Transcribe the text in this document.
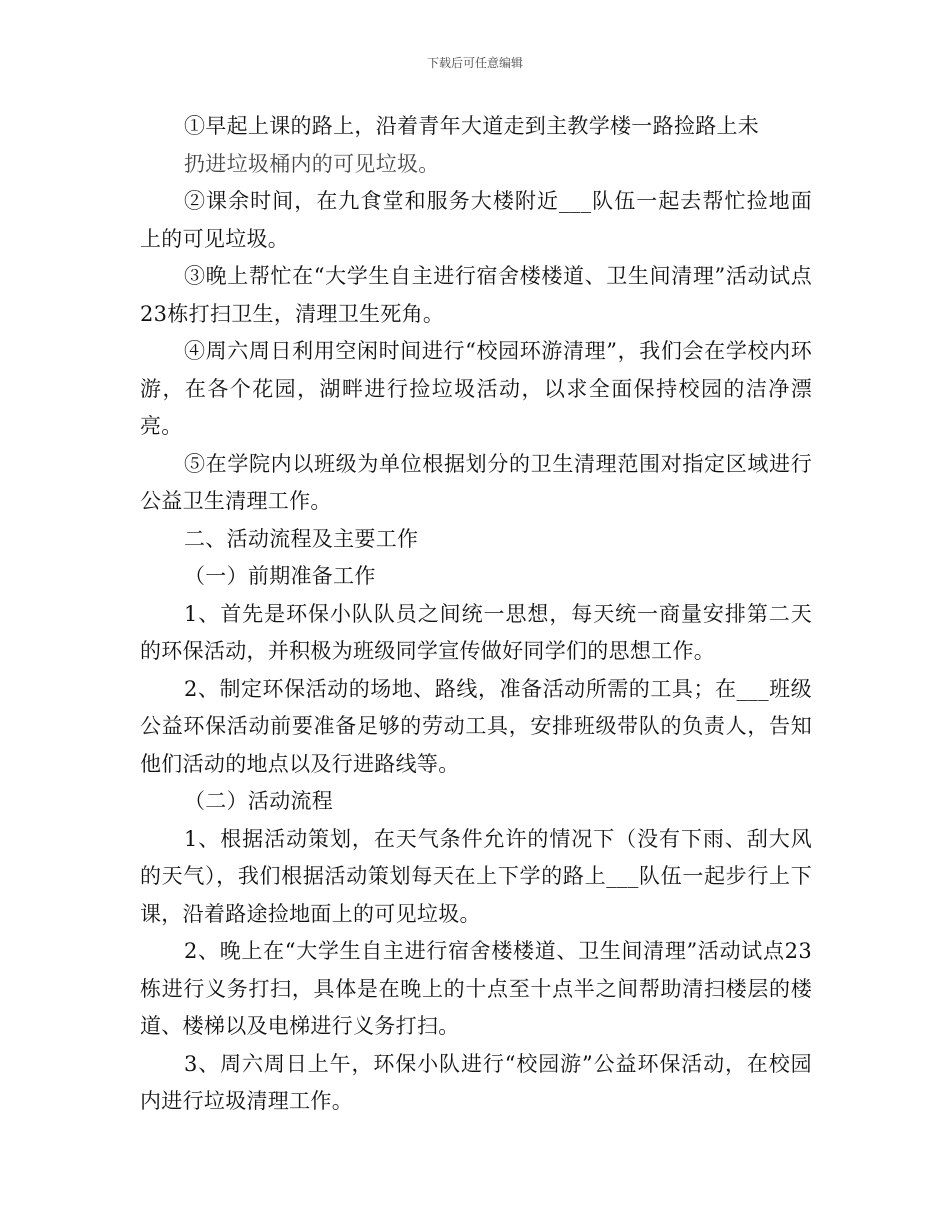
下载后可任意编辑

①早起上课的路上，沿着青年大道走到主教学楼一路捡路上未

扔进垃圾桶内的可见垃圾。

②课余时间，在九食堂和服务大楼附近___队伍一起去帮忙捡地面上的可见垃圾。

③晚上帮忙在“大学生自主进行宿舍楼楼道、卫生间清理”活动试点23栋打扫卫生，清理卫生死角。

④周六周日利用空闲时间进行“校园环游清理”，我们会在学校内环游，在各个花园，湖畔进行捡垃圾活动，以求全面保持校园的洁净漂亮。

⑤在学院内以班级为单位根据划分的卫生清理范围对指定区域进行公益卫生清理工作。

二、活动流程及主要工作

（一）前期准备工作

1、首先是环保小队队员之间统一思想，每天统一商量安排第二天的环保活动，并积极为班级同学宣传做好同学们的思想工作。

2、制定环保活动的场地、路线，准备活动所需的工具；在___班级公益环保活动前要准备足够的劳动工具，安排班级带队的负责人，告知他们活动的地点以及行进路线等。

（二）活动流程

1、根据活动策划，在天气条件允许的情况下（没有下雨、刮大风的天气），我们根据活动策划每天在上下学的路上___队伍一起步行上下课，沿着路途捡地面上的可见垃圾。

2、晚上在“大学生自主进行宿舍楼楼道、卫生间清理”活动试点23栋进行义务打扫，具体是在晚上的十点至十点半之间帮助清扫楼层的楼道、楼梯以及电梯进行义务打扫。

3、周六周日上午，环保小队进行“校园游”公益环保活动，在校园内进行垃圾清理工作。
